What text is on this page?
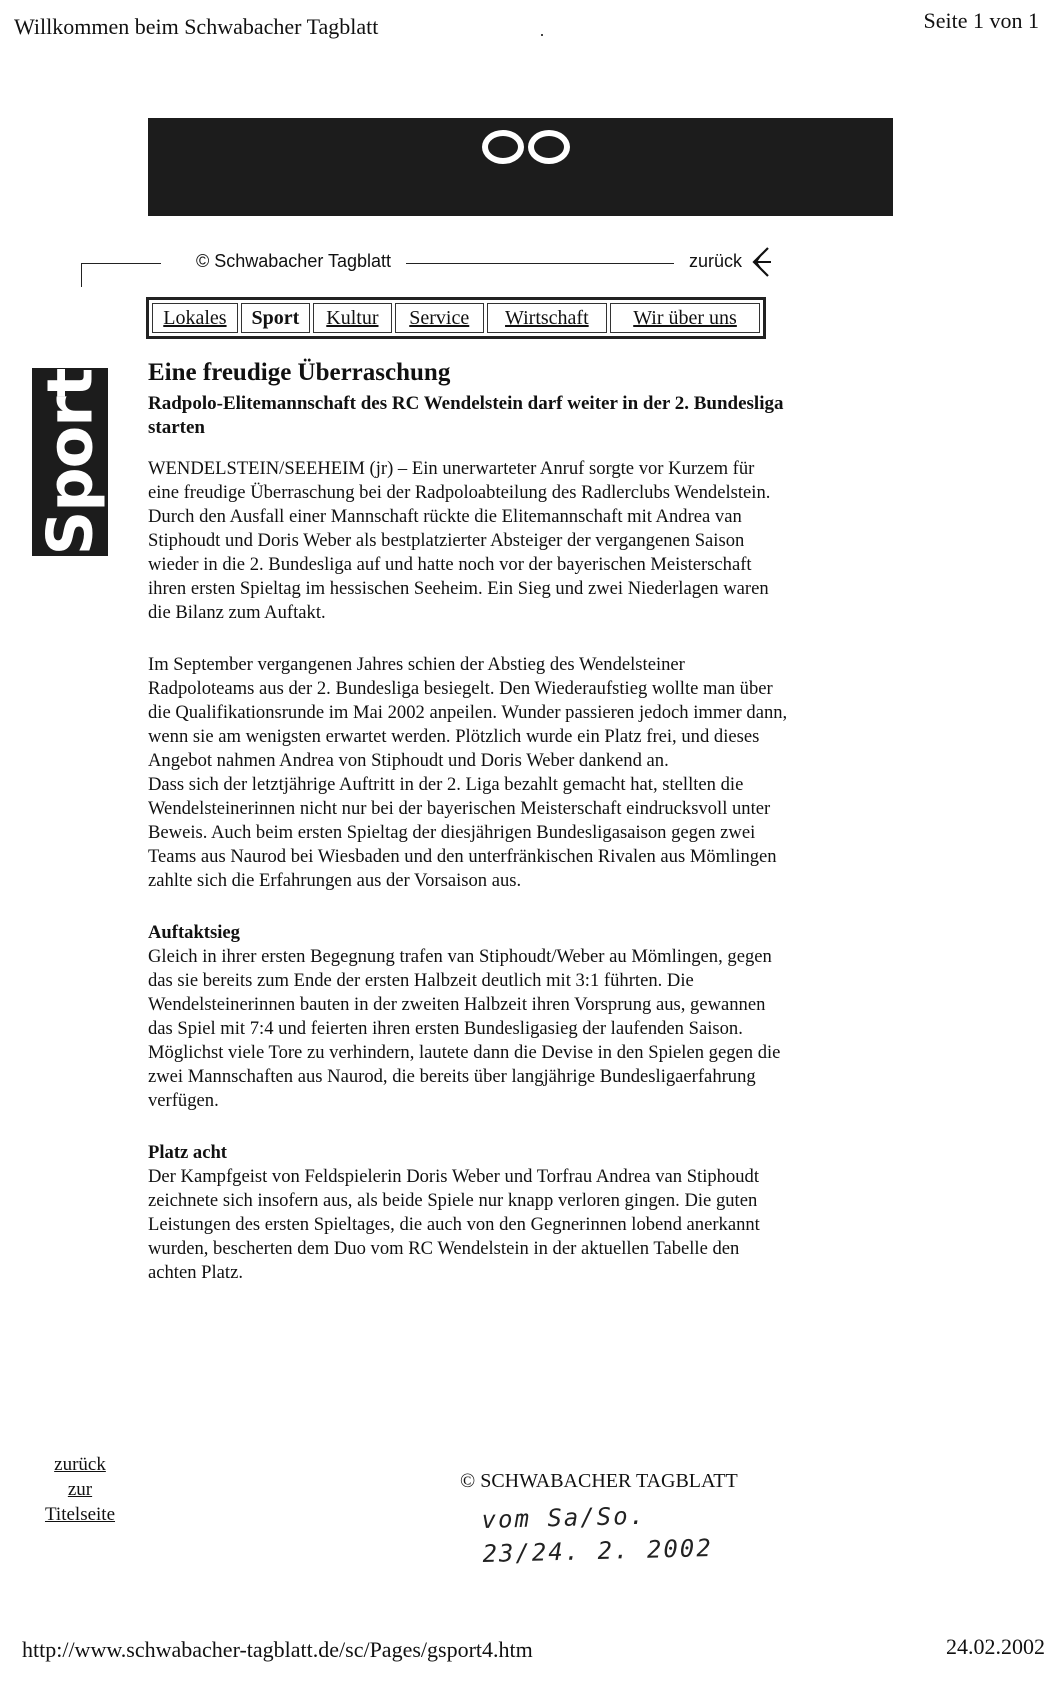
Willkommen beim Schwabacher Tagblatt	Seite 1 von 1
© Schwabacher Tagblatt	zurück
Lokales	Sport	Kultur	Service	Wirtschaft	Wir über uns
Sport Eine freudige Überraschung
Radpolo-Elitemannschaft des RC Wendelstein darf weiter in der 2. Bundesliga starten

WENDELSTEIN/SEEHEIM (jr) – Ein unerwarteter Anruf sorgte vor Kurzem für eine freudige Überraschung bei der Radpoloabteilung des Radlerclubs Wendelstein. Durch den Ausfall einer Mannschaft rückte die Elitemannschaft mit Andrea van Stiphoudt und Doris Weber als bestplatzierter Absteiger der vergangenen Saison wieder in die 2. Bundesliga auf und hatte noch vor der bayerischen Meisterschaft ihren ersten Spieltag im hessischen Seeheim. Ein Sieg und zwei Niederlagen waren die Bilanz zum Auftakt.

Im September vergangenen Jahres schien der Abstieg des Wendelsteiner Radpoloteams aus der 2. Bundesliga besiegelt. Den Wiederaufstieg wollte man über die Qualifikationsrunde im Mai 2002 anpeilen. Wunder passieren jedoch immer dann, wenn sie am wenigsten erwartet werden. Plötzlich wurde ein Platz frei, und dieses Angebot nahmen Andrea von Stiphoudt und Doris Weber dankend an.

Dass sich der letztjährige Auftritt in der 2. Liga bezahlt gemacht hat, stellten die Wendelsteinerinnen nicht nur bei der bayerischen Meisterschaft eindrucksvoll unter Beweis. Auch beim ersten Spieltag der diesjährigen Bundesligasaison gegen zwei Teams aus Naurod bei Wiesbaden und den unterfränkischen Rivalen aus Mömlingen zahlte sich die Erfahrungen aus der Vorsaison aus.

Auftaktsieg

Gleich in ihrer ersten Begegnung trafen van Stiphoudt/Weber au Mömlingen, gegen das sie bereits zum Ende der ersten Halbzeit deutlich mit 3:1 führten. Die Wendelsteinerinnen bauten in der zweiten Halbzeit ihren Vorsprung aus, gewannen das Spiel mit 7:4 und feierten ihren ersten Bundesligasieg der laufenden Saison. Möglichst viele Tore zu verhindern, lautete dann die Devise in den Spielen gegen die zwei Mannschaften aus Naurod, die bereits über langjährige Bundesligaerfahrung verfügen.

Platz acht

Der Kampfgeist von Feldspielerin Doris Weber und Torfrau Andrea van Stiphoudt zeichnete sich insofern aus, als beide Spiele nur knapp verloren gingen. Die guten Leistungen des ersten Spieltages, die auch von den Gegnerinnen lobend anerkannt wurden, bescherten dem Duo vom RC Wendelstein in der aktuellen Tabelle den achten Platz.

zurück
zur
Titelseite
© SCHWABACHER TAGBLATT
vom Sa/So.
23/24. 2. 2002
http://www.schwabacher-tagblatt.de/sc/Pages/gsport4.htm	24.02.2002
